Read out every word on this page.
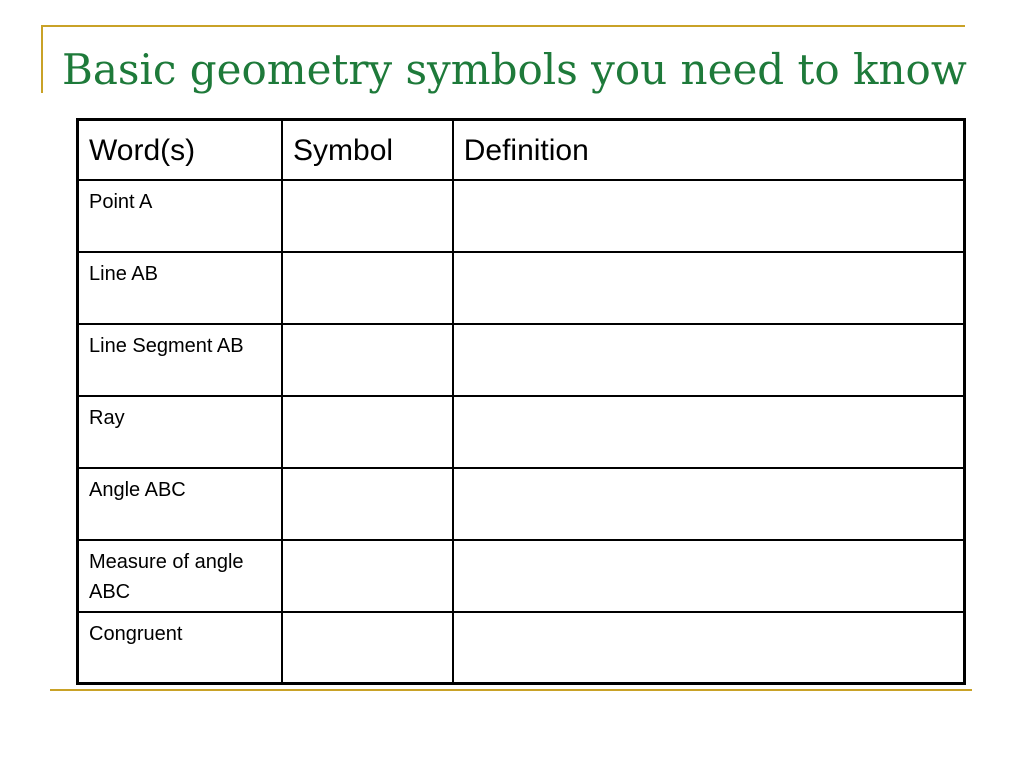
Basic geometry symbols you need to know
Word(s)	Symbol	Definition
Point A		
Line AB		
Line Segment AB		
Ray		
Angle ABC		
Measure of angle ABC		
Congruent		
